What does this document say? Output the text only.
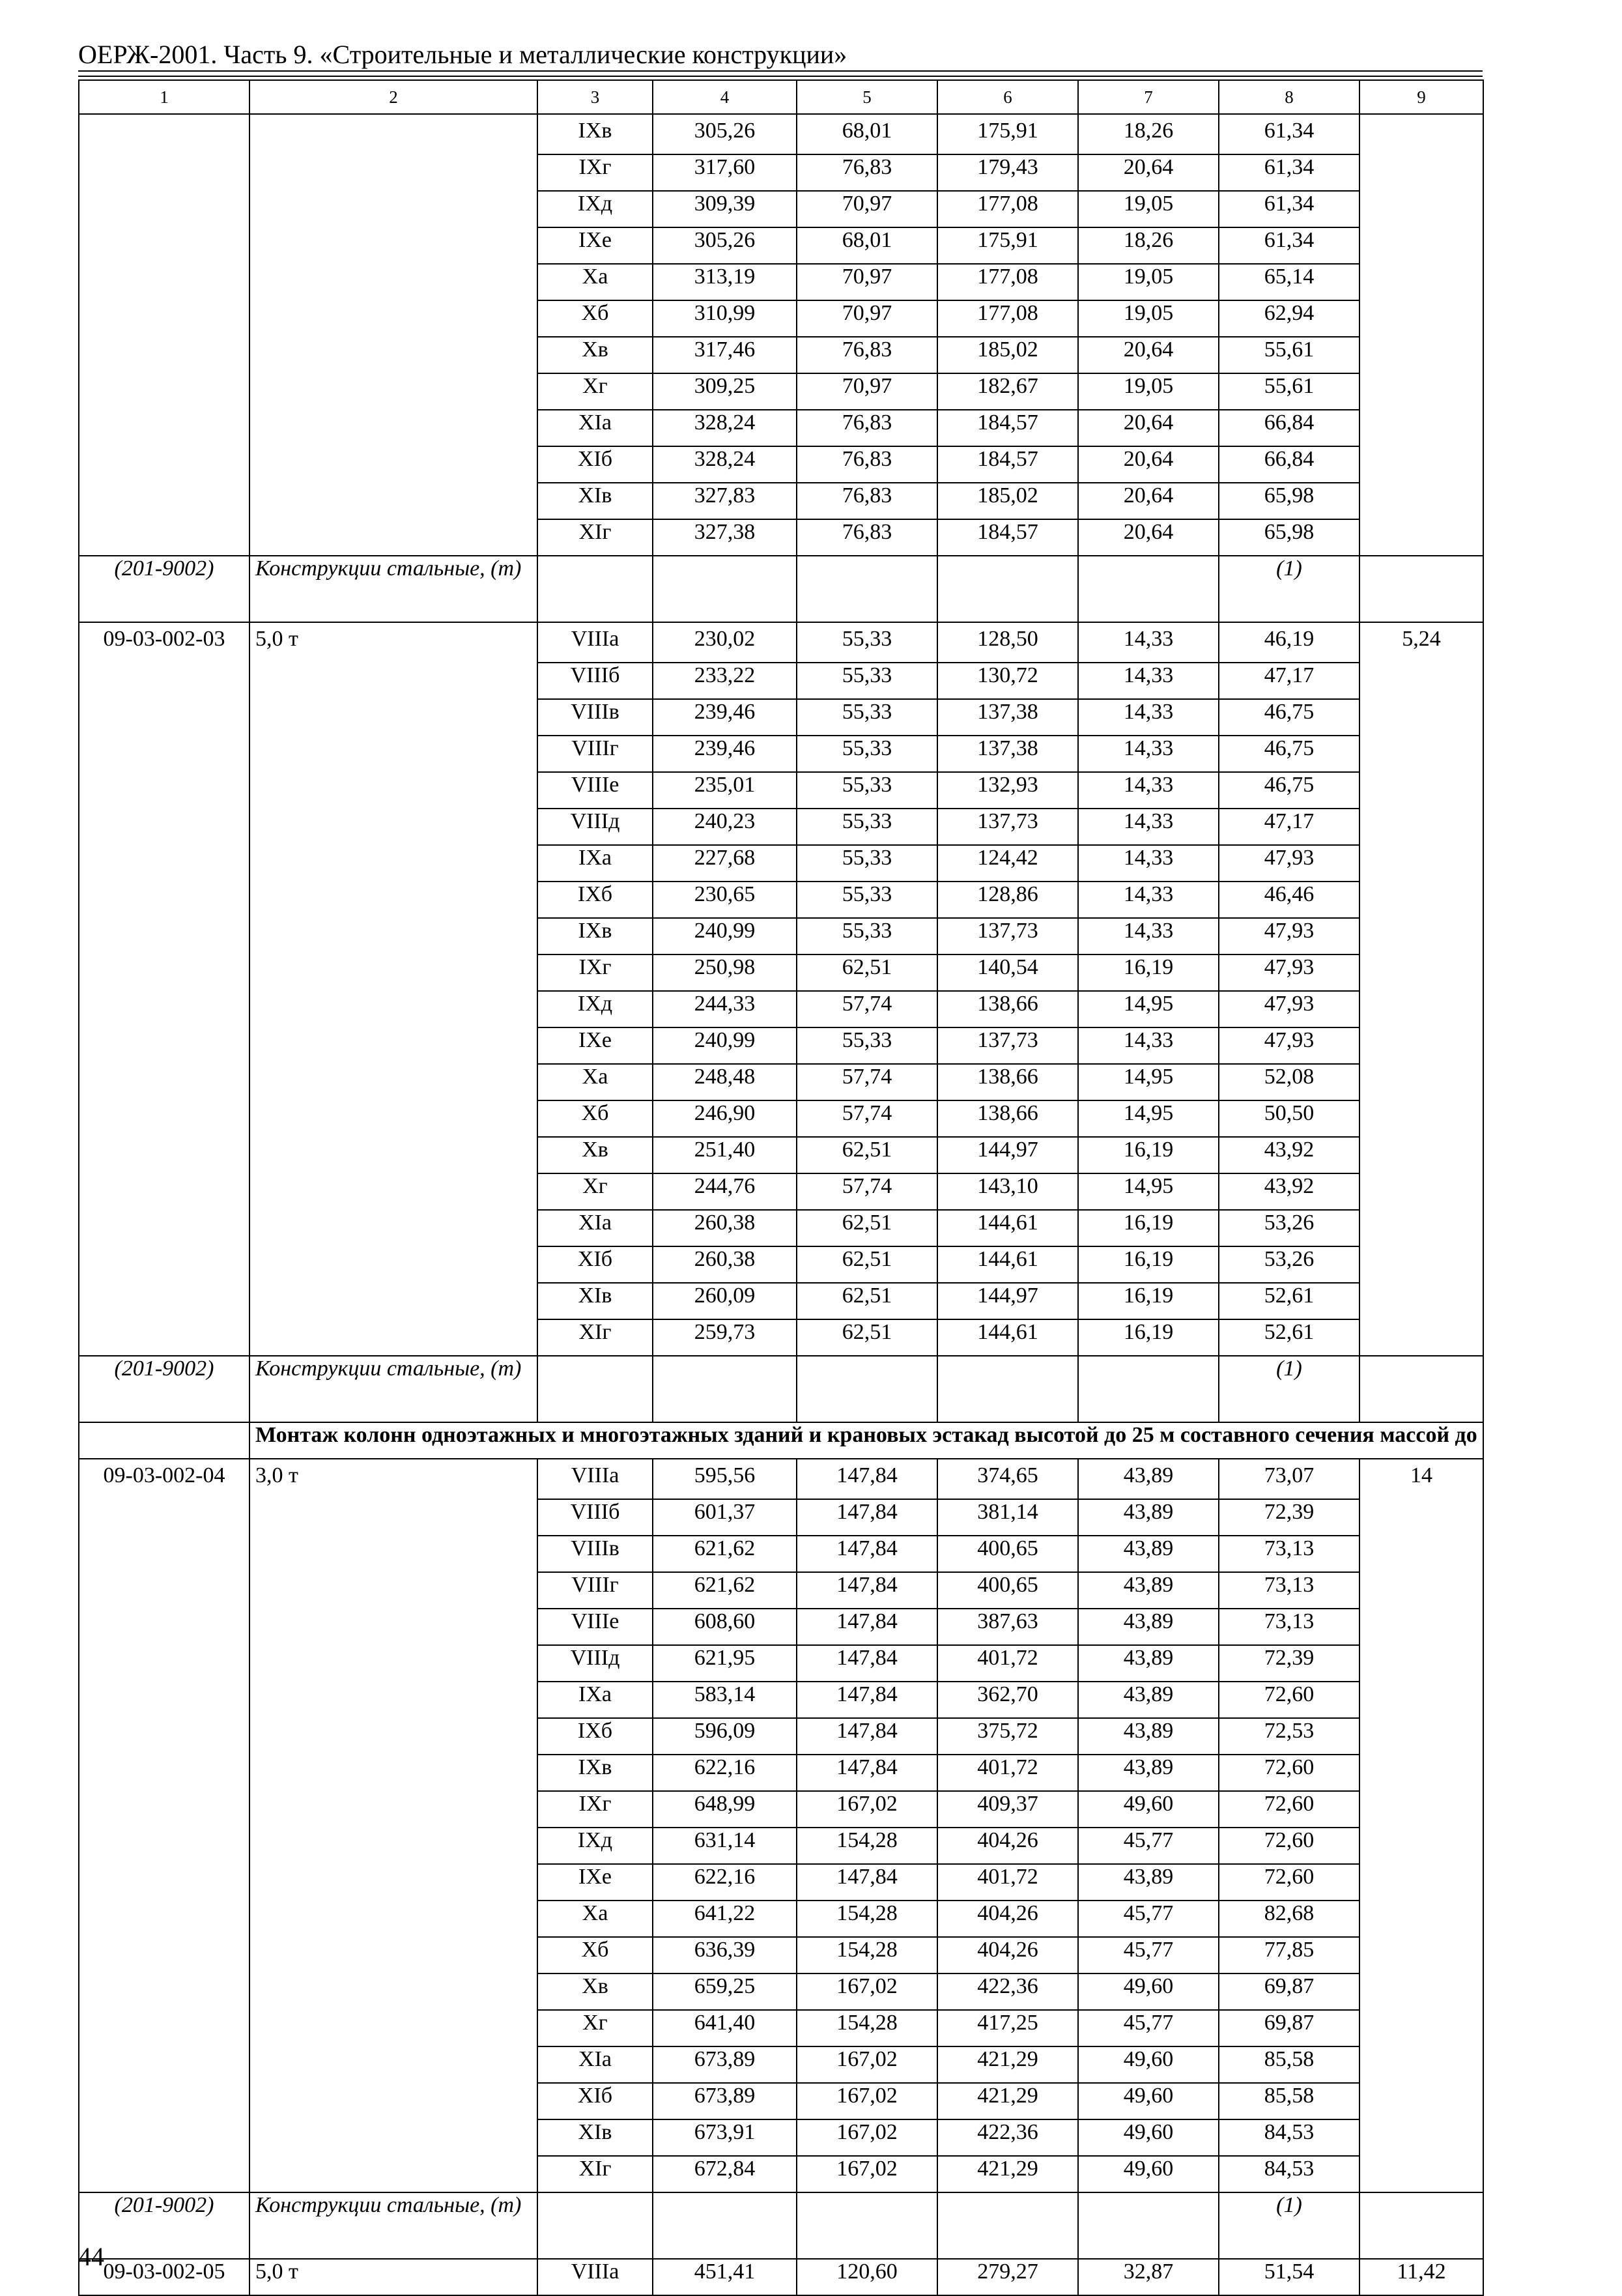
ОЕРЖ-2001. Часть 9. «Строительные и металлические конструкции»
1	2	3	4	5	6	7	8	9
		IXв	305,26	68,01	175,91	18,26	61,34	
		IXг	317,60	76,83	179,43	20,64	61,34	
		IXд	309,39	70,97	177,08	19,05	61,34	
		IXе	305,26	68,01	175,91	18,26	61,34	
		Xа	313,19	70,97	177,08	19,05	65,14	
		Xб	310,99	70,97	177,08	19,05	62,94	
		Xв	317,46	76,83	185,02	20,64	55,61	
		Xг	309,25	70,97	182,67	19,05	55,61	
		XIа	328,24	76,83	184,57	20,64	66,84	
		XIб	328,24	76,83	184,57	20,64	66,84	
		XIв	327,83	76,83	185,02	20,64	65,98	
		XIг	327,38	76,83	184,57	20,64	65,98	
(201-9002)	Конструкции стальные, (т)						(1)	
09-03-002-03	5,0 т	VIIIа	230,02	55,33	128,50	14,33	46,19	5,24
		VIIIб	233,22	55,33	130,72	14,33	47,17	
		VIIIв	239,46	55,33	137,38	14,33	46,75	
		VIIIг	239,46	55,33	137,38	14,33	46,75	
		VIIIе	235,01	55,33	132,93	14,33	46,75	
		VIIIд	240,23	55,33	137,73	14,33	47,17	
		IXа	227,68	55,33	124,42	14,33	47,93	
		IXб	230,65	55,33	128,86	14,33	46,46	
		IXв	240,99	55,33	137,73	14,33	47,93	
		IXг	250,98	62,51	140,54	16,19	47,93	
		IXд	244,33	57,74	138,66	14,95	47,93	
		IXе	240,99	55,33	137,73	14,33	47,93	
		Xа	248,48	57,74	138,66	14,95	52,08	
		Xб	246,90	57,74	138,66	14,95	50,50	
		Xв	251,40	62,51	144,97	16,19	43,92	
		Xг	244,76	57,74	143,10	14,95	43,92	
		XIа	260,38	62,51	144,61	16,19	53,26	
		XIб	260,38	62,51	144,61	16,19	53,26	
		XIв	260,09	62,51	144,97	16,19	52,61	
		XIг	259,73	62,51	144,61	16,19	52,61	
(201-9002)	Конструкции стальные, (т)						(1)	
	Монтаж колонн одноэтажных и многоэтажных зданий и крановых эстакад высотой до 25 м составного сечения массой до							
09-03-002-04	3,0 т	VIIIа	595,56	147,84	374,65	43,89	73,07	14
		VIIIб	601,37	147,84	381,14	43,89	72,39	
		VIIIв	621,62	147,84	400,65	43,89	73,13	
		VIIIг	621,62	147,84	400,65	43,89	73,13	
		VIIIе	608,60	147,84	387,63	43,89	73,13	
		VIIIд	621,95	147,84	401,72	43,89	72,39	
		IXа	583,14	147,84	362,70	43,89	72,60	
		IXб	596,09	147,84	375,72	43,89	72,53	
		IXв	622,16	147,84	401,72	43,89	72,60	
		IXг	648,99	167,02	409,37	49,60	72,60	
		IXд	631,14	154,28	404,26	45,77	72,60	
		IXе	622,16	147,84	401,72	43,89	72,60	
		Xа	641,22	154,28	404,26	45,77	82,68	
		Xб	636,39	154,28	404,26	45,77	77,85	
		Xв	659,25	167,02	422,36	49,60	69,87	
		Xг	641,40	154,28	417,25	45,77	69,87	
		XIа	673,89	167,02	421,29	49,60	85,58	
		XIб	673,89	167,02	421,29	49,60	85,58	
		XIв	673,91	167,02	422,36	49,60	84,53	
		XIг	672,84	167,02	421,29	49,60	84,53	
(201-9002)	Конструкции стальные, (т)						(1)	
09-03-002-05	5,0 т	VIIIа	451,41	120,60	279,27	32,87	51,54	11,42
44
